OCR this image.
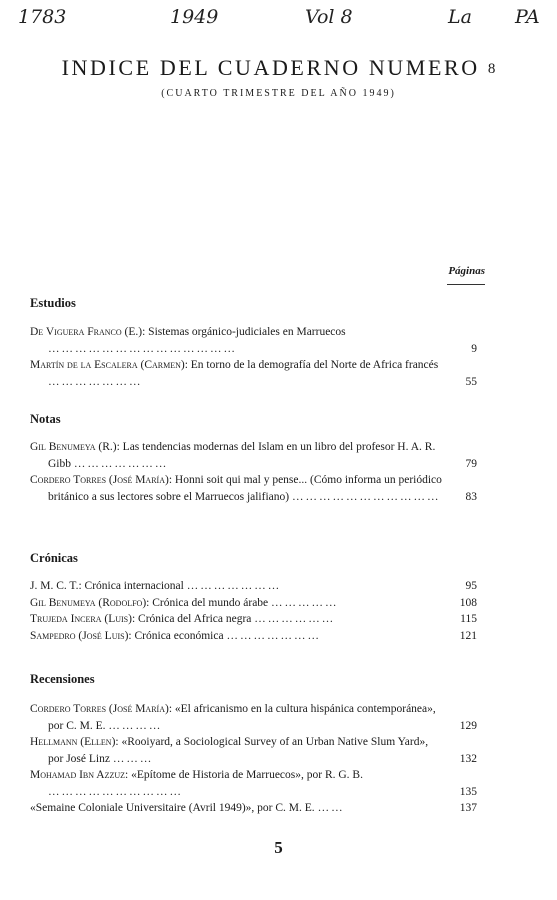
1783	1949	Vol 8	La PA
INDICE DEL CUADERNO NUMERO 8
(CUARTO TRIMESTRE DEL AÑO 1949)
Páginas

Estudios

De Viguera Franco (E.): Sistemas orgánico-judiciales en Marruecos ……………………………………	9
Martín de la Escalera (Carmen): En torno de la demografía del Norte de Africa francés …………………	55

Notas

Gil Benumeya (R.): Las tendencias modernas del Islam en un libro del profesor H. A. R. Gibb …………………	79
Cordero Torres (José María): Honni soit qui mal y pense... (Cómo informa un periódico británico a sus lectores sobre el Marruecos jalifiano) ……………………………	83

Crónicas

J. M. C. T.: Crónica internacional …………………	95
Gil Benumeya (Rodolfo): Crónica del mundo árabe ……………	108
Trujeda Incera (Luis): Crónica del Africa negra ………………	115
Sampedro (José Luis): Crónica económica …………………	121

Recensiones

Cordero Torres (José María): «El africanismo en la cultura hispánica contemporánea», por C. M. E. …………	129
Hellmann (Ellen): «Rooiyard, a Sociological Survey of an Urban Native Slum Yard», por José Linz ………	132
Mohamad Ibn Azzuz: «Epítome de Historia de Marruecos», por R. G. B. …………………………	135
«Semaine Coloniale Universitaire (Avril 1949)», por C. M. E. ……	137
5
